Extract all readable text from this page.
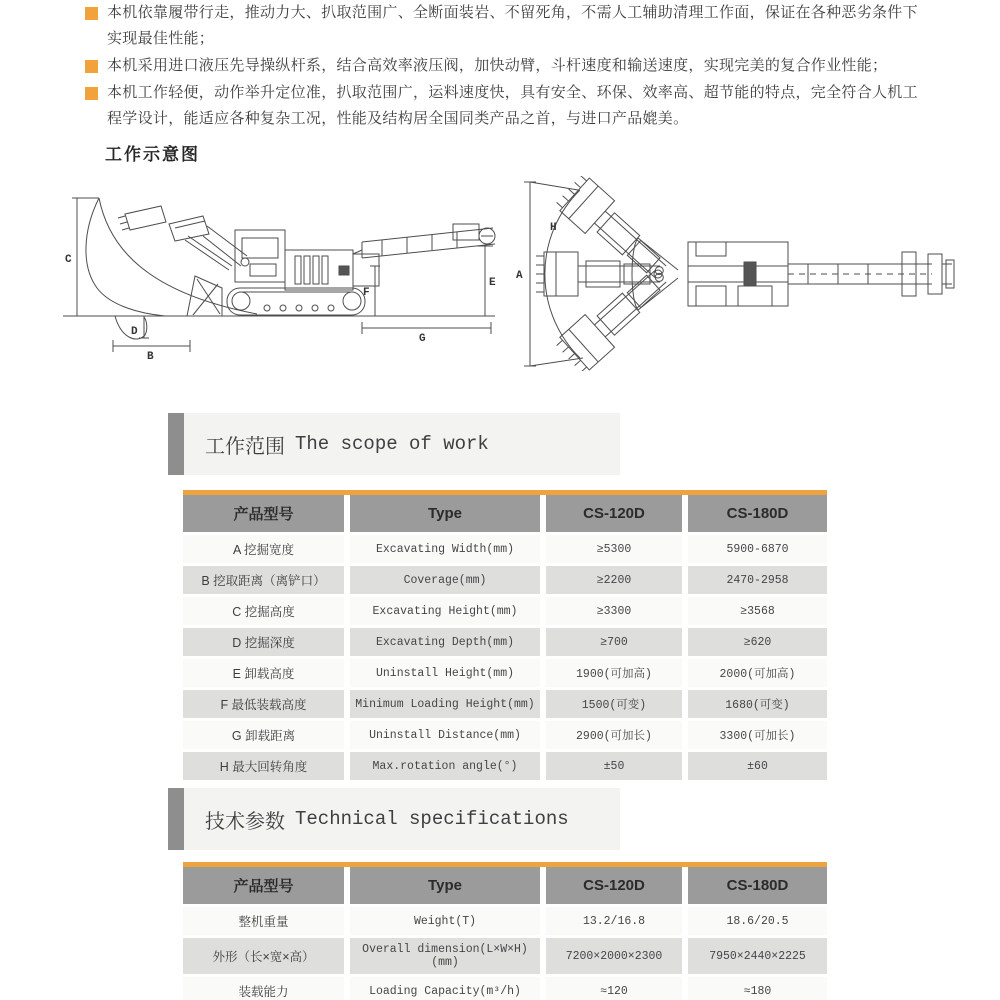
本机依靠履带行走，推动力大、扒取范围广、全断面装岩、不留死角，不需人工辅助清理工作面，保证在各种恶劣条件下实现最佳性能；

本机采用进口液压先导操纵杆系，结合高效率液压阀，加快动臂，斗杆速度和输送速度，实现完美的复合作业性能；

本机工作轻便，动作举升定位准，扒取范围广，运料速度快，具有安全、环保、效率高、超节能的特点，完全符合人机工程学设计，能适应各种复杂工况，性能及结构居全国同类产品之首，与进口产品媲美。

工作示意图
C
D
B
F
G
E
A
H
工作范围 The scope of work
产品型号	Type	CS-120D	CS-180D
A 挖掘宽度	Excavating Width(mm)	≥5300	5900-6870
B 挖取距离（离铲口）	Coverage(mm)	≥2200	2470-2958
C 挖掘高度	Excavating Height(mm)	≥3300	≥3568
D 挖掘深度	Excavating Depth(mm)	≥700	≥620
E 卸载高度	Uninstall Height(mm)	1900(可加高)	2000(可加高)
F 最低装载高度	Minimum Loading Height(mm)	1500(可变)	1680(可变)
G 卸载距离	Uninstall Distance(mm)	2900(可加长)	3300(可加长)
H 最大回转角度	Max.rotation angle(°)	±50	±60
技术参数 Technical specifications
产品型号	Type	CS-120D	CS-180D
整机重量	Weight(T)	13.2/16.8	18.6/20.5
外形（长×宽×高）	Overall dimension(L×W×H)(mm)	7200×2000×2300	7950×2440×2225
装载能力	Loading Capacity(m³/h)	≈120	≈180
